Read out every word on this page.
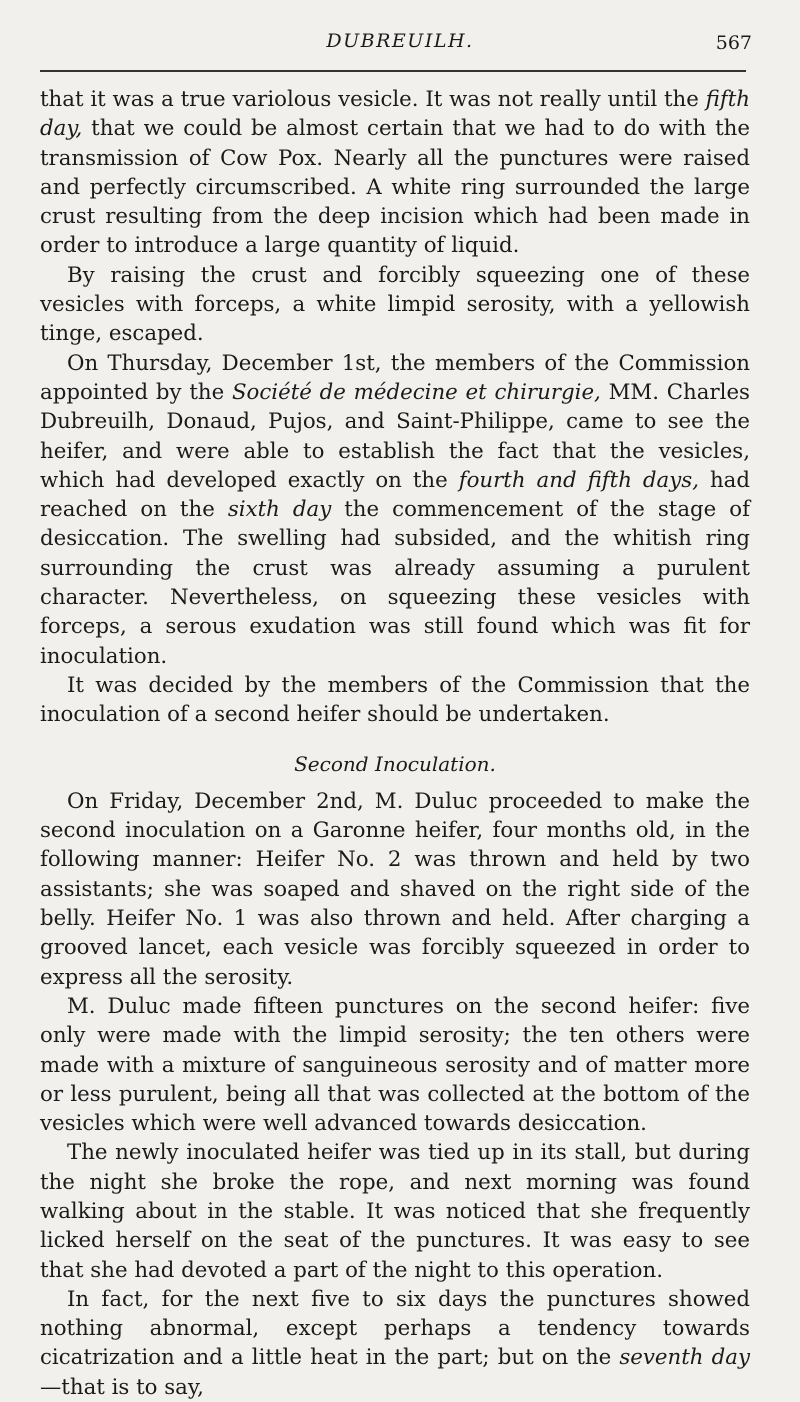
DUBREUILH.	567

that it was a true variolous vesicle. It was not really until the fifth day, that we could be almost certain that we had to do with the transmission of Cow Pox. Nearly all the punctures were raised and perfectly circumscribed. A white ring surrounded the large crust resulting from the deep incision which had been made in order to introduce a large quantity of liquid.

By raising the crust and forcibly squeezing one of these vesicles with forceps, a white limpid serosity, with a yellowish tinge, escaped.

On Thursday, December 1st, the members of the Commission appointed by the Société de médecine et chirurgie, MM. Charles Dubreuilh, Donaud, Pujos, and Saint-Philippe, came to see the heifer, and were able to establish the fact that the vesicles, which had developed exactly on the fourth and fifth days, had reached on the sixth day the commencement of the stage of desiccation. The swelling had subsided, and the whitish ring surrounding the crust was already assuming a purulent character. Nevertheless, on squeezing these vesicles with forceps, a serous exudation was still found which was fit for inoculation.

It was decided by the members of the Commission that the inoculation of a second heifer should be undertaken.

Second Inoculation.

On Friday, December 2nd, M. Duluc proceeded to make the second inoculation on a Garonne heifer, four months old, in the following manner: Heifer No. 2 was thrown and held by two assistants; she was soaped and shaved on the right side of the belly. Heifer No. 1 was also thrown and held. After charging a grooved lancet, each vesicle was forcibly squeezed in order to express all the serosity.

M. Duluc made fifteen punctures on the second heifer: five only were made with the limpid serosity; the ten others were made with a mixture of sanguineous serosity and of matter more or less purulent, being all that was collected at the bottom of the vesicles which were well advanced towards desiccation.

The newly inoculated heifer was tied up in its stall, but during the night she broke the rope, and next morning was found walking about in the stable. It was noticed that she frequently licked herself on the seat of the punctures. It was easy to see that she had devoted a part of the night to this operation.

In fact, for the next five to six days the punctures showed nothing abnormal, except perhaps a tendency towards cicatrization and a little heat in the part; but on the seventh day—that is to say,
